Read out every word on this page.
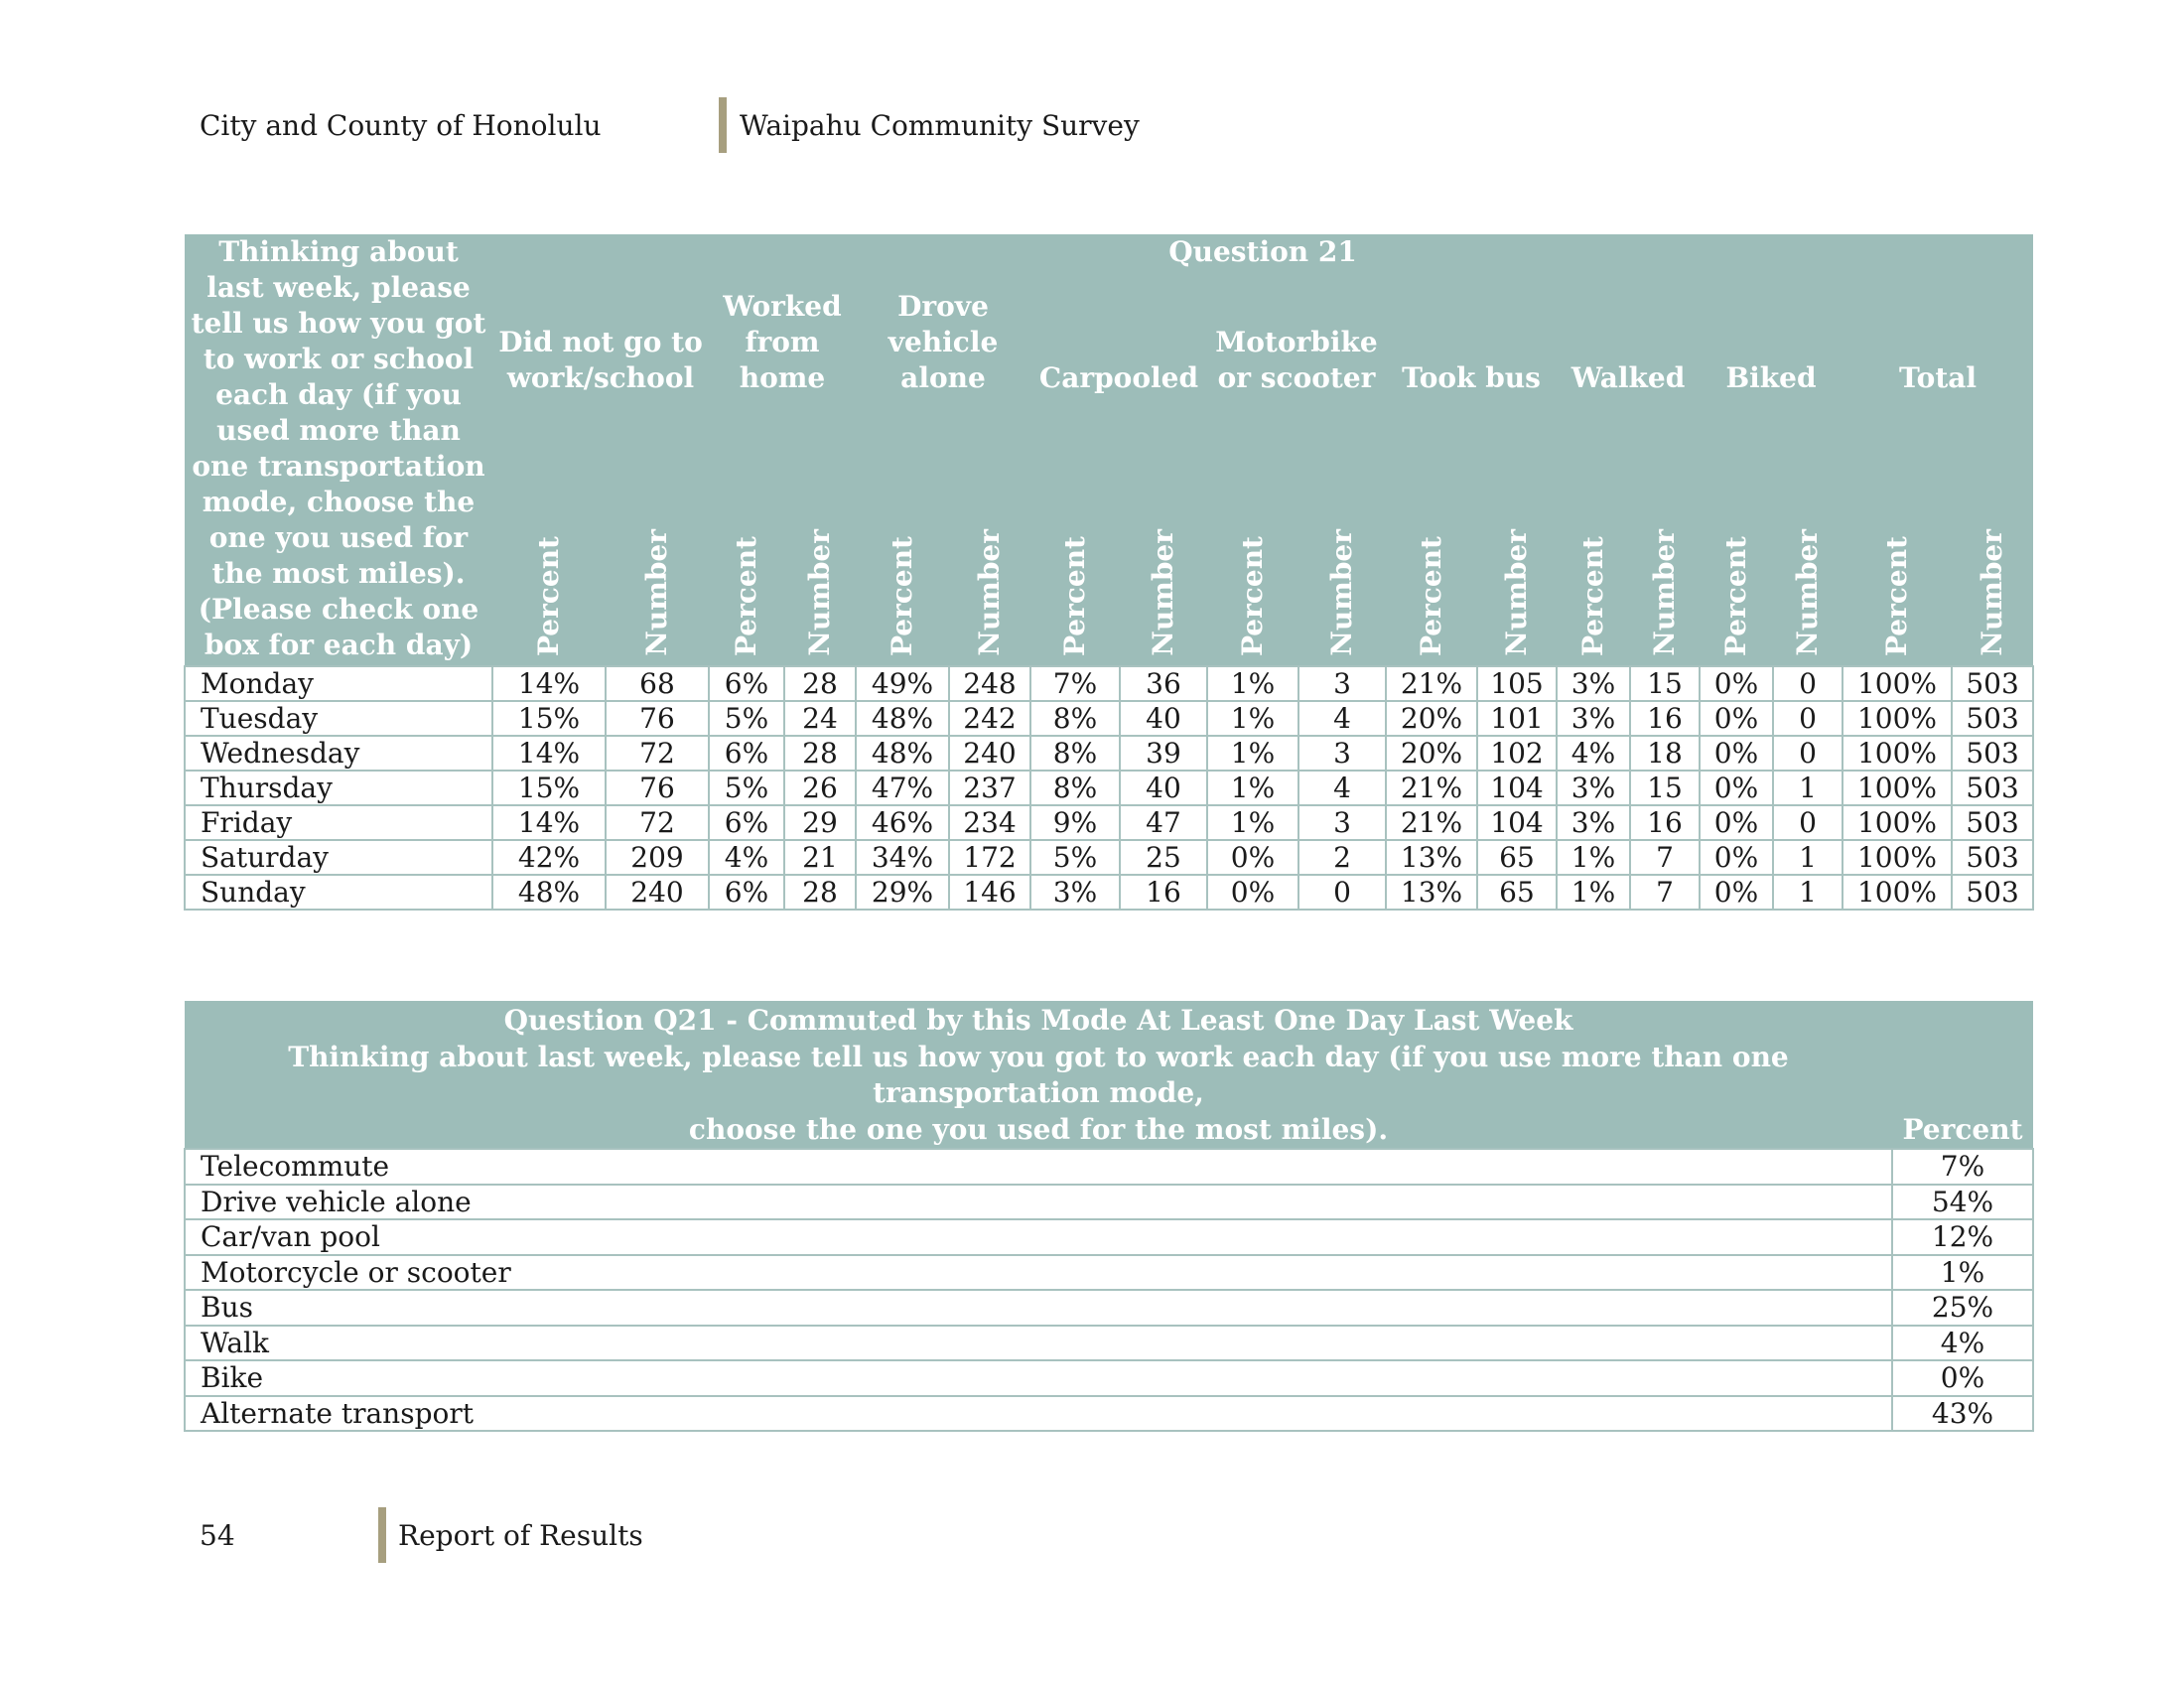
City and County of Honolulu	Waipahu Community Survey
Thinking about last week, please tell us how you got to work or school each day (if you used more than one transportation mode, choose the one you used for the most miles). (Please check one box for each day)	Question 21																	
	Did not go to work/school		Worked from home		Drove vehicle alone		Carpooled		Motorbike or scooter		Took bus		Walked		Biked		Total	
	Percent	Number	Percent	Number	Percent	Number	Percent	Number	Percent	Number	Percent	Number	Percent	Number	Percent	Number	Percent	Number
Monday	14%	68	6%	28	49%	248	7%	36	1%	3	21%	105	3%	15	0%	0	100%	503
Tuesday	15%	76	5%	24	48%	242	8%	40	1%	4	20%	101	3%	16	0%	0	100%	503
Wednesday	14%	72	6%	28	48%	240	8%	39	1%	3	20%	102	4%	18	0%	0	100%	503
Thursday	15%	76	5%	26	47%	237	8%	40	1%	4	21%	104	3%	15	0%	1	100%	503
Friday	14%	72	6%	29	46%	234	9%	47	1%	3	21%	104	3%	16	0%	0	100%	503
Saturday	42%	209	4%	21	34%	172	5%	25	0%	2	13%	65	1%	7	0%	1	100%	503
Sunday	48%	240	6%	28	29%	146	3%	16	0%	0	13%	65	1%	7	0%	1	100%	503
Question Q21 - Commuted by this Mode At Least One Day Last Week
Thinking about last week, please tell us how you got to work each day (if you use more than one transportation mode,
choose the one you used for the most miles).	Percent
Telecommute	7%
Drive vehicle alone	54%
Car/van pool	12%
Motorcycle or scooter	1%
Bus	25%
Walk	4%
Bike	0%
Alternate transport	43%
54	Report of Results
